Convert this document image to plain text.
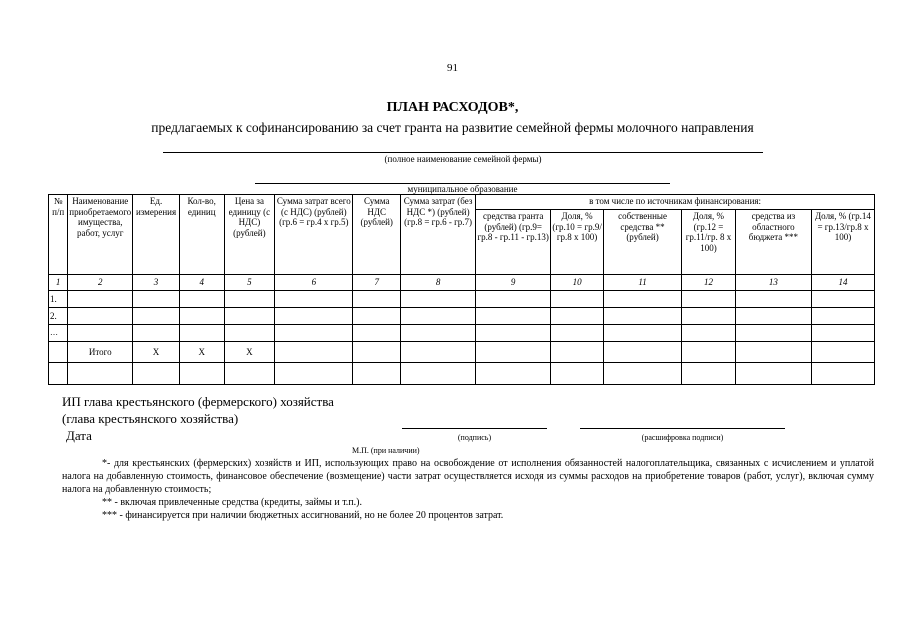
91
ПЛАН РАСХОДОВ*,
предлагаемых к софинансированию за счет гранта на развитие семейной фермы молочного направления
(полное наименование семейной фермы)
муниципальное образование
№ п/п	Наименование приобретаемого имущества, работ, услуг	Ед. измерения	Кол-во, единиц	Цена за единицу (с НДС) (рублей)	Сумма затрат всего (с НДС) (рублей) (гр.6 = гр.4 х гр.5)	Сумма НДС (рублей)	Сумма затрат (без НДС *) (рублей) (гр.8 = гр.6 - гр.7)	в том числе по источникам финансирования:					
								средства гранта (рублей) (гр.9= гр.8 - гр.11 - гр.13)	Доля, % (гр.10 = гр.9/гр.8 х 100)	собственные средства ** (рублей)	Доля, % (гр.12 = гр.11/гр. 8 х 100)	средства из областного бюджета ***	Доля, % (гр.14 = гр.13/гр.8 х 100)
1	2	3	4	5	6	7	8	9	10	11	12	13	14
1.													
2.													
…													
	Итого	Х	Х	Х									

ИП глава крестьянского (фермерского) хозяйства
(глава крестьянского хозяйства)
Дата	(подпись)	(расшифровка подписи)
М.П. (при наличии)

*- для крестьянских (фермерских) хозяйств и ИП, использующих право на освобождение от исполнения обязанностей налогоплательщика, связанных с исчислением и уплатой налога на добавленную стоимость, финансовое обеспечение (возмещение) части затрат осуществляется исходя из суммы расходов на приобретение товаров (работ, услуг), включая сумму налога на добавленную стоимость;

** - включая привлеченные средства (кредиты, займы и т.п.).

*** - финансируется при наличии бюджетных ассигнований, но не более 20 процентов затрат.
